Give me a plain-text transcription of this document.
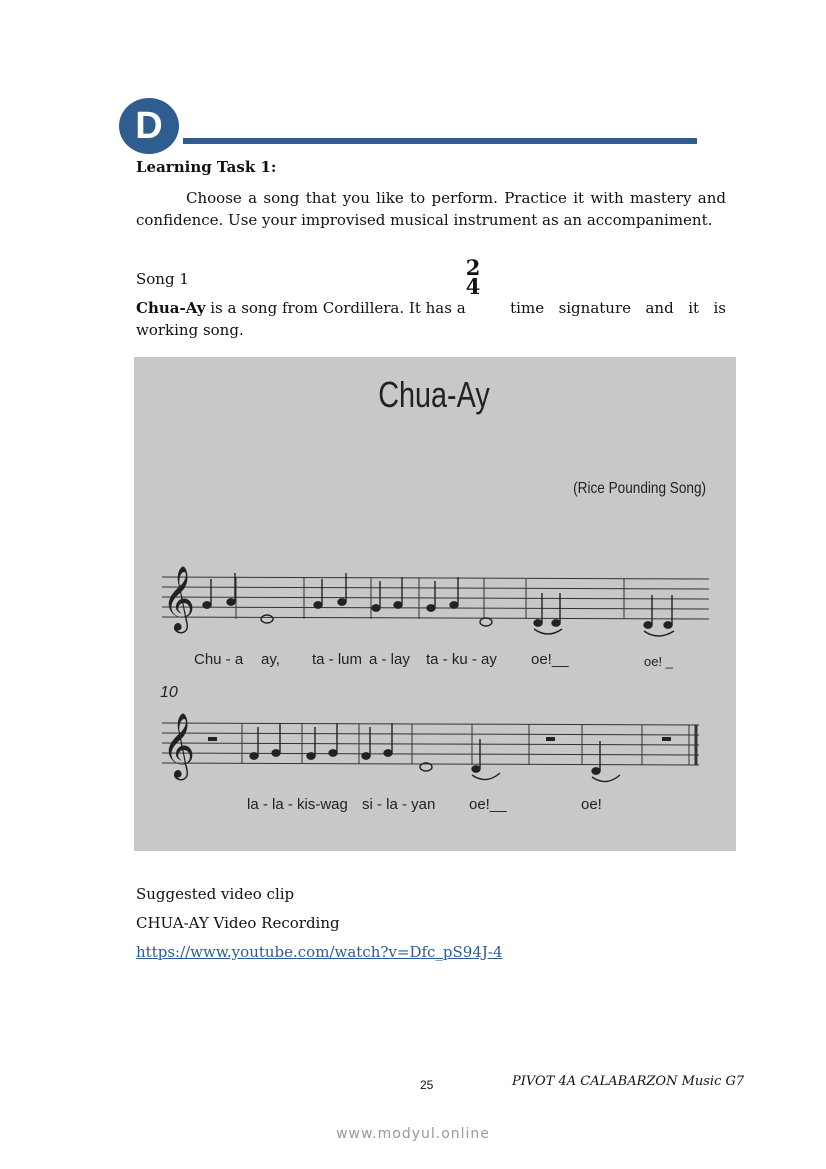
D
Learning Task 1:
Choose a song that you like to perform. Practice it with mastery and confidence. Use your improvised musical instrument as an accompaniment.
Song 1	2
4
Chua-Ay is a song from Cordillera. It has a	time signature and it is
working song.
Chua-Ay
(Rice Pounding Song)
𝄞
Chu - a ay, ta - lum a - lay ta - ku - ay oe!__	oe! _
10
𝄞
la - la - kis-wag si - la - yan oe!__	oe!
Suggested video clip
CHUA-AY Video Recording
https://www.youtube.com/watch?v=Dfc_pS94J-4
25	PIVOT 4A CALABARZON Music G7
www.modyul.online
